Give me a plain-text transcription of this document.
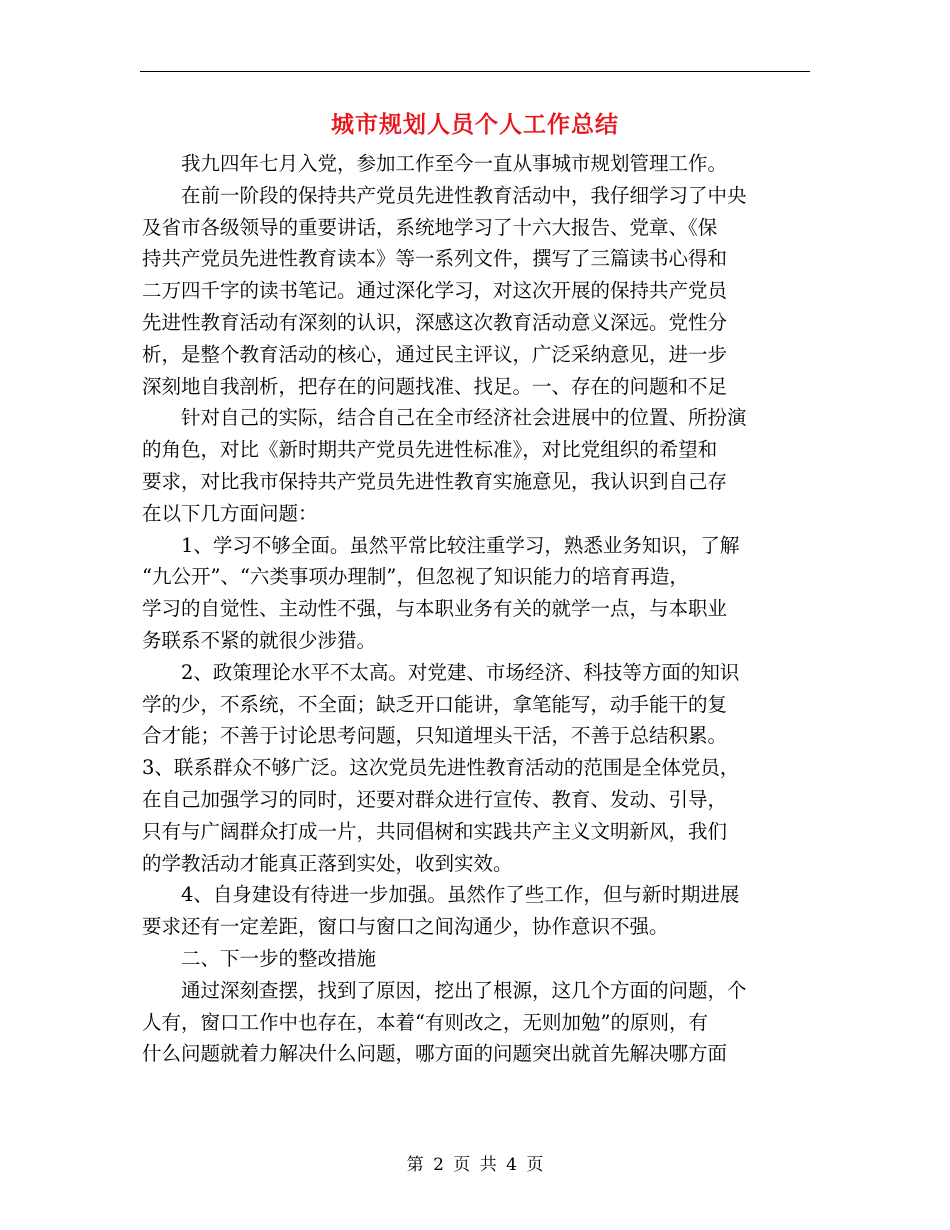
城市规划人员个人工作总结
　　我九四年七月入党，参加工作至今一直从事城市规划管理工作。
　　在前一阶段的保持共产党员先进性教育活动中，我仔细学习了中央
及省市各级领导的重要讲话，系统地学习了十六大报告、党章、《保
持共产党员先进性教育读本》等一系列文件，撰写了三篇读书心得和
二万四千字的读书笔记。通过深化学习，对这次开展的保持共产党员
先进性教育活动有深刻的认识，深感这次教育活动意义深远。党性分
析，是整个教育活动的核心，通过民主评议，广泛采纳意见，进一步
深刻地自我剖析，把存在的问题找准、找足。一、存在的问题和不足
　　针对自己的实际，结合自己在全市经济社会进展中的位置、所扮演
的角色，对比《新时期共产党员先进性标准》，对比党组织的希望和
要求，对比我市保持共产党员先进性教育实施意见，我认识到自己存
在以下几方面问题：
　　1、学习不够全面。虽然平常比较注重学习，熟悉业务知识，了解
“九公开”、“六类事项办理制”，但忽视了知识能力的培育再造，
学习的自觉性、主动性不强，与本职业务有关的就学一点，与本职业
务联系不紧的就很少涉猎。
　　2、政策理论水平不太高。对党建、市场经济、科技等方面的知识
学的少，不系统，不全面；缺乏开口能讲，拿笔能写，动手能干的复
合才能；不善于讨论思考问题，只知道埋头干活，不善于总结积累。
3、联系群众不够广泛。这次党员先进性教育活动的范围是全体党员，
在自己加强学习的同时，还要对群众进行宣传、教育、发动、引导，
只有与广阔群众打成一片，共同倡树和实践共产主义文明新风，我们
的学教活动才能真正落到实处，收到实效。
　　4、自身建设有待进一步加强。虽然作了些工作，但与新时期进展
要求还有一定差距，窗口与窗口之间沟通少，协作意识不强。
　　二、下一步的整改措施
　　通过深刻查摆，找到了原因，挖出了根源，这几个方面的问题，个
人有，窗口工作中也存在，本着“有则改之，无则加勉”的原则，有
什么问题就着力解决什么问题，哪方面的问题突出就首先解决哪方面
第 2 页 共 4 页
